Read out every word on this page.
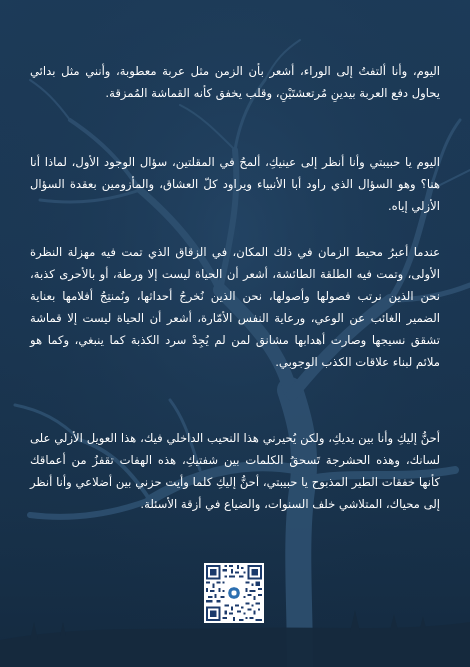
اليوم، وأنا ألتفتُ إلى الوراء، أشعر بأن الزمن مثل عربة معطوبة، وأنني مثل بدائي يحاول دفع العربة بيدينِ مُرتعشتَيْنِ، وقلب يخفق كأنه القماشة المُمزقة.

اليوم يا حبيبتي وأنا أنظر إلى عينيكِ، ألمحُ في المقلتين، سؤال الوجود الأول، لماذا أنا هنا؟ وهو السؤال الذي راود أبا الأنبياء ويراود كلّ العشاق، والمأزومين بعقدة السؤال الأزلي إياه.

عندما أعبرُ محيط الزمان في ذلك المكان، في الزقاق الذي تمت فيه مهزلة النظرة الأولى، وتمت فيه الطلقة الطائشة، أشعر أن الحياة ليست إلا ورطة، أو بالأحرى كذبة، نحن الذين نرتب فصولها وأصولها، نحن الذين نُخرجُ أحداثها، ونُمنتِجُ أفلامها بعناية الضمير الغائب عن الوعي، ورعاية النفس الأمّارة، أشعر أن الحياة ليست إلا قماشة تشقق نسيجها وصارت أهدابها مشانق لمن لم يُجِدْ سرد الكذبة كما ينبغي، وكما هو ملائم لبناء علاقات الكذب الوجوبي.

أحنُّ إليكِ وأنا بين يديكِ، ولكن يُحيرني هذا النحيب الداخلي فيك، هذا العويل الأزلي على لسانك، وهذه الحشرجة تَسحقُ الكلمات بين شفتيكِ، هذه الهفات تقفزُ من أعماقك كأنها خفقات الطير المذبوح يا حبيبتي، أحنُّ إليكِ كلما وأيت حزني بين أضلاعي وأنا أنظر إلى محياك، المتلاشي خلف السنوات، والضياع في أزقة الأسئلة.
